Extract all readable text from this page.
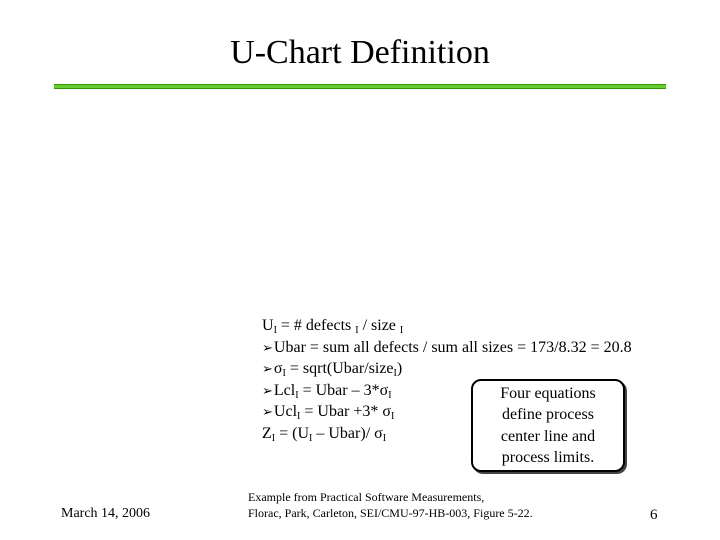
U-Chart Definition
$U_I$ = # defects $_I$ / size $_I$
➢Ubar = sum all defects / sum all sizes = 173/8.32 = 20.8
$➢\sigma_I$ = sqrt(Ubar/size$_I$)
➢Lcl$_I$ = Ubar – $3*\sigma_I$
➢Ucl$_I$ = Ubar +3* $\sigma_I$
$Z_I = (U_I$ – Ubar)/ $\sigma_I$
Four equations
define process
center line and
process limits.
March 14, 2006
Example from Practical Software Measurements,
Florac, Park, Carleton, SEI/CMU-97-HB-003, Figure 5-22.	6
